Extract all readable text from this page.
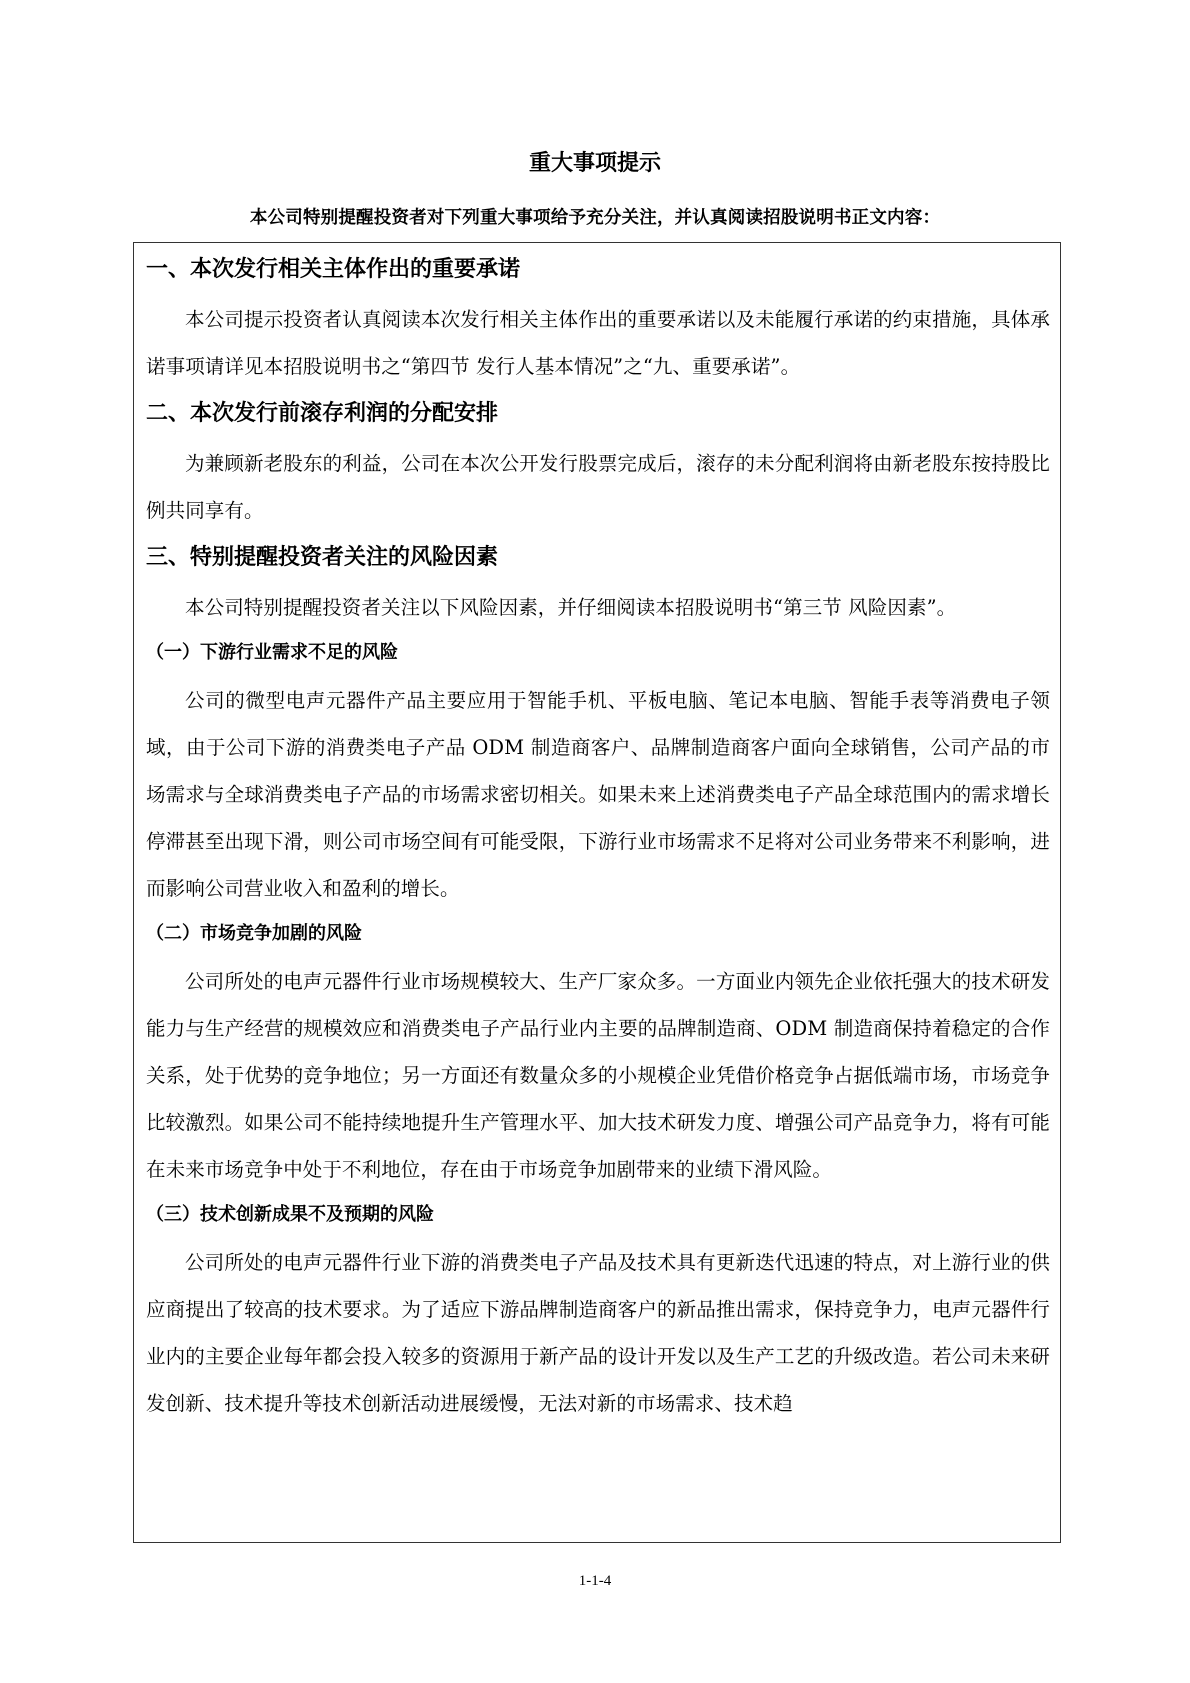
重大事项提示
本公司特别提醒投资者对下列重大事项给予充分关注，并认真阅读招股说明书正文内容：
一、本次发行相关主体作出的重要承诺
本公司提示投资者认真阅读本次发行相关主体作出的重要承诺以及未能履行承诺的约束措施，具体承诺事项请详见本招股说明书之“第四节 发行人基本情况”之“九、重要承诺”。
二、本次发行前滚存利润的分配安排
为兼顾新老股东的利益，公司在本次公开发行股票完成后，滚存的未分配利润将由新老股东按持股比例共同享有。
三、特别提醒投资者关注的风险因素
本公司特别提醒投资者关注以下风险因素，并仔细阅读本招股说明书“第三节 风险因素”。
（一）下游行业需求不足的风险
公司的微型电声元器件产品主要应用于智能手机、平板电脑、笔记本电脑、智能手表等消费电子领域，由于公司下游的消费类电子产品 ODM 制造商客户、品牌制造商客户面向全球销售，公司产品的市场需求与全球消费类电子产品的市场需求密切相关。如果未来上述消费类电子产品全球范围内的需求增长停滞甚至出现下滑，则公司市场空间有可能受限，下游行业市场需求不足将对公司业务带来不利影响，进而影响公司营业收入和盈利的增长。
（二）市场竞争加剧的风险
公司所处的电声元器件行业市场规模较大、生产厂家众多。一方面业内领先企业依托强大的技术研发能力与生产经营的规模效应和消费类电子产品行业内主要的品牌制造商、ODM 制造商保持着稳定的合作关系，处于优势的竞争地位；另一方面还有数量众多的小规模企业凭借价格竞争占据低端市场，市场竞争比较激烈。如果公司不能持续地提升生产管理水平、加大技术研发力度、增强公司产品竞争力，将有可能在未来市场竞争中处于不利地位，存在由于市场竞争加剧带来的业绩下滑风险。
（三）技术创新成果不及预期的风险
公司所处的电声元器件行业下游的消费类电子产品及技术具有更新迭代迅速的特点，对上游行业的供应商提出了较高的技术要求。为了适应下游品牌制造商客户的新品推出需求，保持竞争力，电声元器件行业内的主要企业每年都会投入较多的资源用于新产品的设计开发以及生产工艺的升级改造。若公司未来研发创新、技术提升等技术创新活动进展缓慢，无法对新的市场需求、技术趋
1-1-4
